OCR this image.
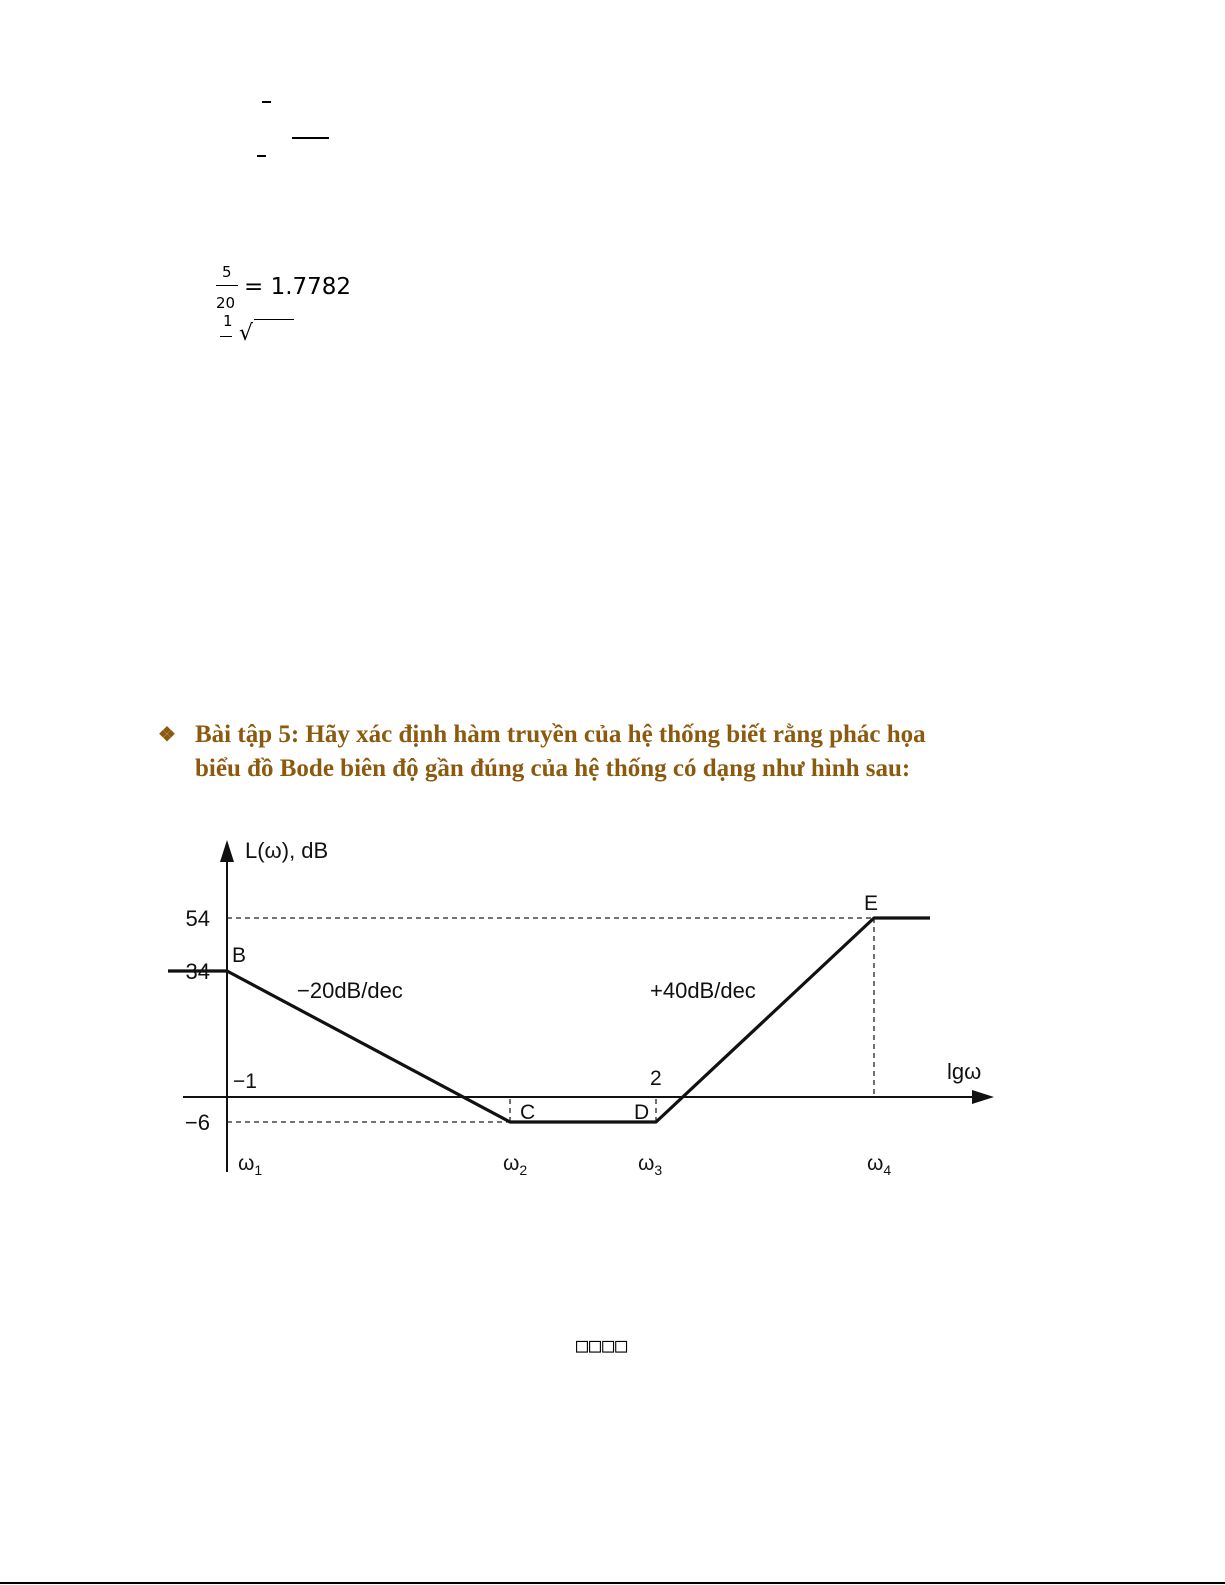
5
20
= 1.7782
1 √
❖ Bài tập 5: Hãy xác định hàm truyền của hệ thống biết rằng phác họa
biểu đồ Bode biên độ gần đúng của hệ thống có dạng như hình sau:
L(ω), dB
lgω
54
34
−6
B
C	D
E
−20dB/dec	+40dB/dec
−1	2
$\omega_1$	$\omega_2$	$\omega_3$	$\omega_4$
□□□□
